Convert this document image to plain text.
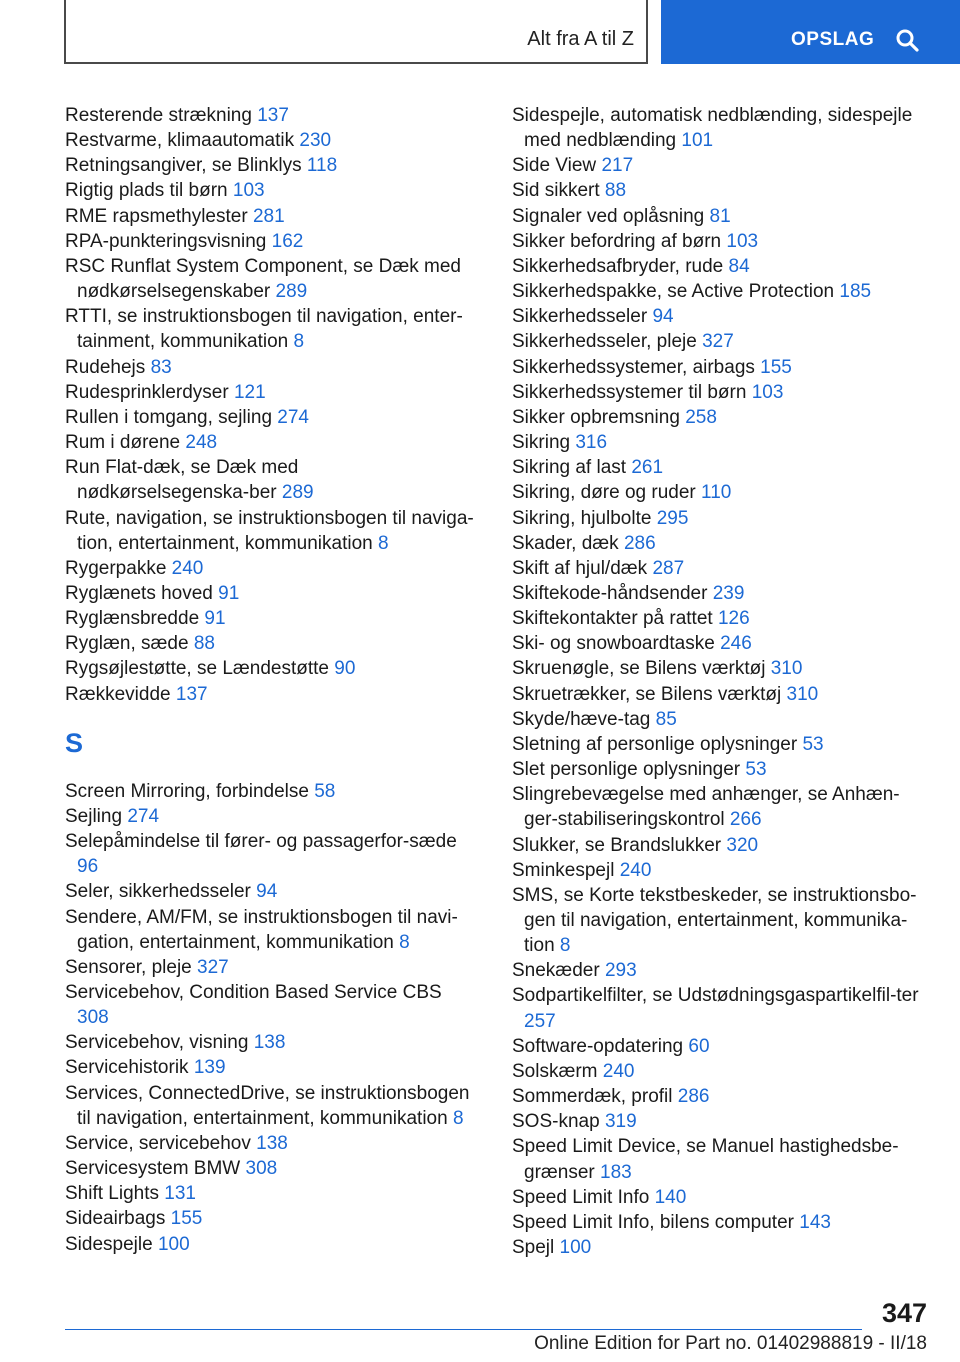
Alt fra A til Z	OPSLAG
Resterende strækning 137
Restvarme, klimaautomatik 230
Retningsangiver, se Blinklys 118
Rigtig plads til børn 103
RME rapsmethylester 281
RPA-punkteringsvisning 162
RSC Runflat System Component, se Dæk med nødkørselsegenskaber 289
RTTI, se instruktionsbogen til navigation, enter‐tainment, kommunikation 8
Rudehejs 83
Rudesprinklerdyser 121
Rullen i tomgang, sejling 274
Rum i dørene 248
Run Flat-dæk, se Dæk med nødkørselsegenska‐ber 289
Rute, navigation, se instruktionsbogen til naviga‐tion, entertainment, kommunikation 8
Rygerpakke 240
Ryglænets hoved 91
Ryglænsbredde 91
Ryglæn, sæde 88
Rygsøjlestøtte, se Lændestøtte 90
Rækkevidde 137
S
Screen Mirroring, forbindelse 58
Sejling 274
Selepåmindelse til fører- og passagerfor‐sæde 96
Seler, sikkerhedsseler 94
Sendere, AM/FM, se instruktionsbogen til navi‐gation, entertainment, kommunikation 8
Sensorer, pleje 327
Servicebehov, Condition Based Service CBS 308
Servicebehov, visning 138
Servicehistorik 139
Services, ConnectedDrive, se instruktionsbogen til navigation, entertainment, kommunikation 8
Service, servicebehov 138
Servicesystem BMW 308
Shift Lights 131
Sideairbags 155
Sidespejle 100
Sidespejle, automatisk nedblænding, sidespejle med nedblænding 101
Side View 217
Sid sikkert 88
Signaler ved oplåsning 81
Sikker befordring af børn 103
Sikkerhedsafbryder, rude 84
Sikkerhedspakke, se Active Protection 185
Sikkerhedsseler 94
Sikkerhedsseler, pleje 327
Sikkerhedssystemer, airbags 155
Sikkerhedssystemer til børn 103
Sikker opbremsning 258
Sikring 316
Sikring af last 261
Sikring, døre og ruder 110
Sikring, hjulbolte 295
Skader, dæk 286
Skift af hjul/dæk 287
Skiftekode-håndsender 239
Skiftekontakter på rattet 126
Ski- og snowboardtaske 246
Skruenøgle, se Bilens værktøj 310
Skruetrækker, se Bilens værktøj 310
Skyde/hæve-tag 85
Sletning af personlige oplysninger 53
Slet personlige oplysninger 53
Slingrebevægelse med anhænger, se Anhæn‐ger-stabiliseringskontrol 266
Slukker, se Brandslukker 320
Sminkespejl 240
SMS, se Korte tekstbeskeder, se instruktionsbo‐gen til navigation, entertainment, kommunika‐tion 8
Snekæder 293
Sodpartikelfilter, se Udstødningsgaspartikelfil‐ter 257
Software-opdatering 60
Solskærm 240
Sommerdæk, profil 286
SOS-knap 319
Speed Limit Device, se Manuel hastighedsbe‐grænser 183
Speed Limit Info 140
Speed Limit Info, bilens computer 143
Spejl 100
347
Online Edition for Part no. 01402988819 - II/18
